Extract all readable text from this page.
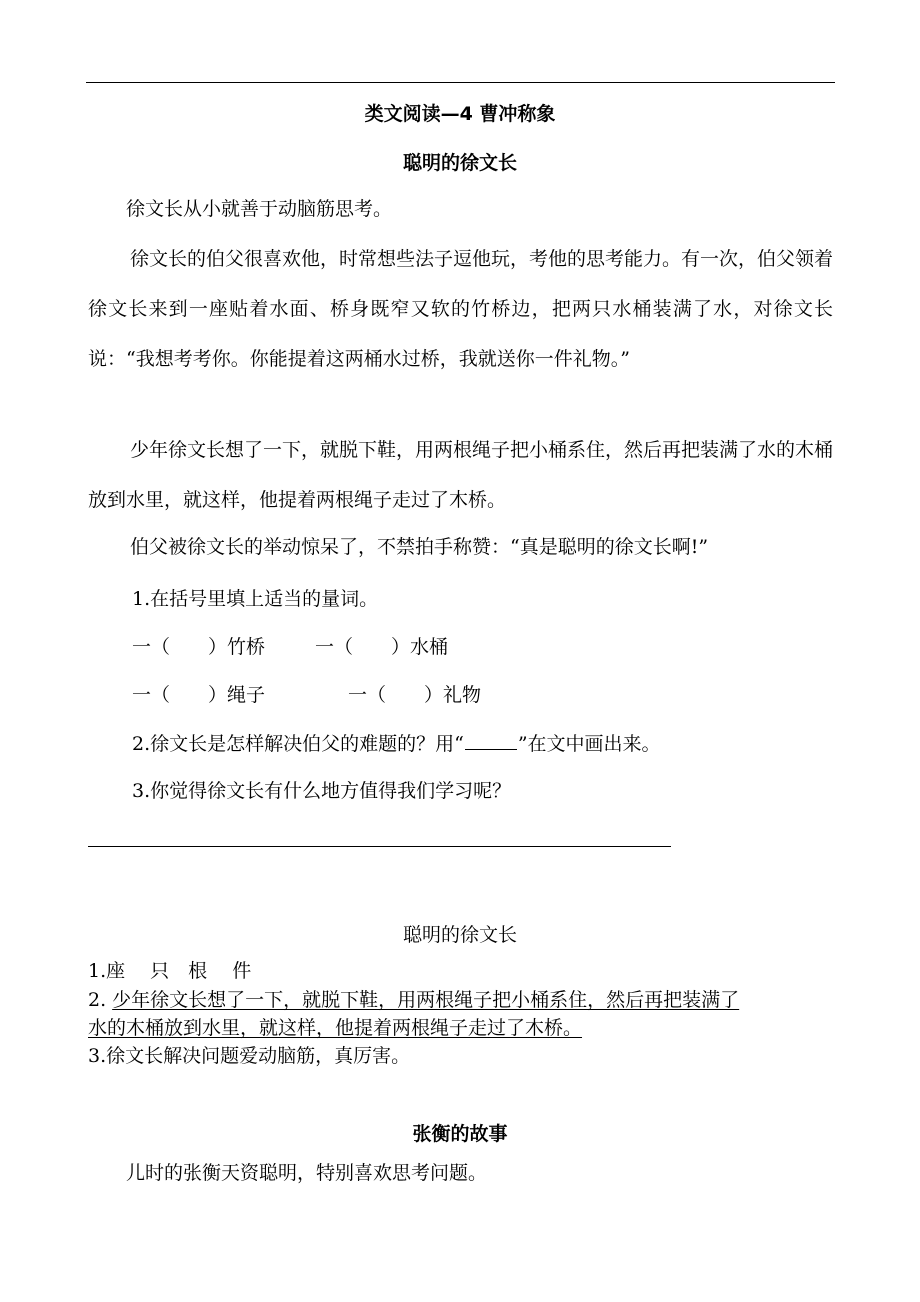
类文阅读—4 曹冲称象
聪明的徐文长
徐文长从小就善于动脑筋思考。
徐文长的伯父很喜欢他，时常想些法子逗他玩，考他的思考能力。有一次，伯父领着徐文长来到一座贴着水面、桥身既窄又软的竹桥边，把两只水桶装满了水，对徐文长说：“我想考考你。你能提着这两桶水过桥，我就送你一件礼物。”
少年徐文长想了一下，就脱下鞋，用两根绳子把小桶系住，然后再把装满了水的木桶放到水里，就这样，他提着两根绳子走过了木桥。
伯父被徐文长的举动惊呆了，不禁拍手称赞：“真是聪明的徐文长啊!”
1.在括号里填上适当的量词。
一（　　）竹桥	一（　　）水桶
一（　　）绳子	一（　　）礼物
2.徐文长是怎样解决伯父的难题的？用“	”在文中画出来。
3.你觉得徐文长有什么地方值得我们学习呢？
聪明的徐文长
1.座　 只　根　 件
2. 少年徐文长想了一下，就脱下鞋，用两根绳子把小桶系住，然后再把装满了
水的木桶放到水里，就这样，他提着两根绳子走过了木桥。
3.徐文长解决问题爱动脑筋，真厉害。
张衡的故事
儿时的张衡天资聪明，特别喜欢思考问题。
